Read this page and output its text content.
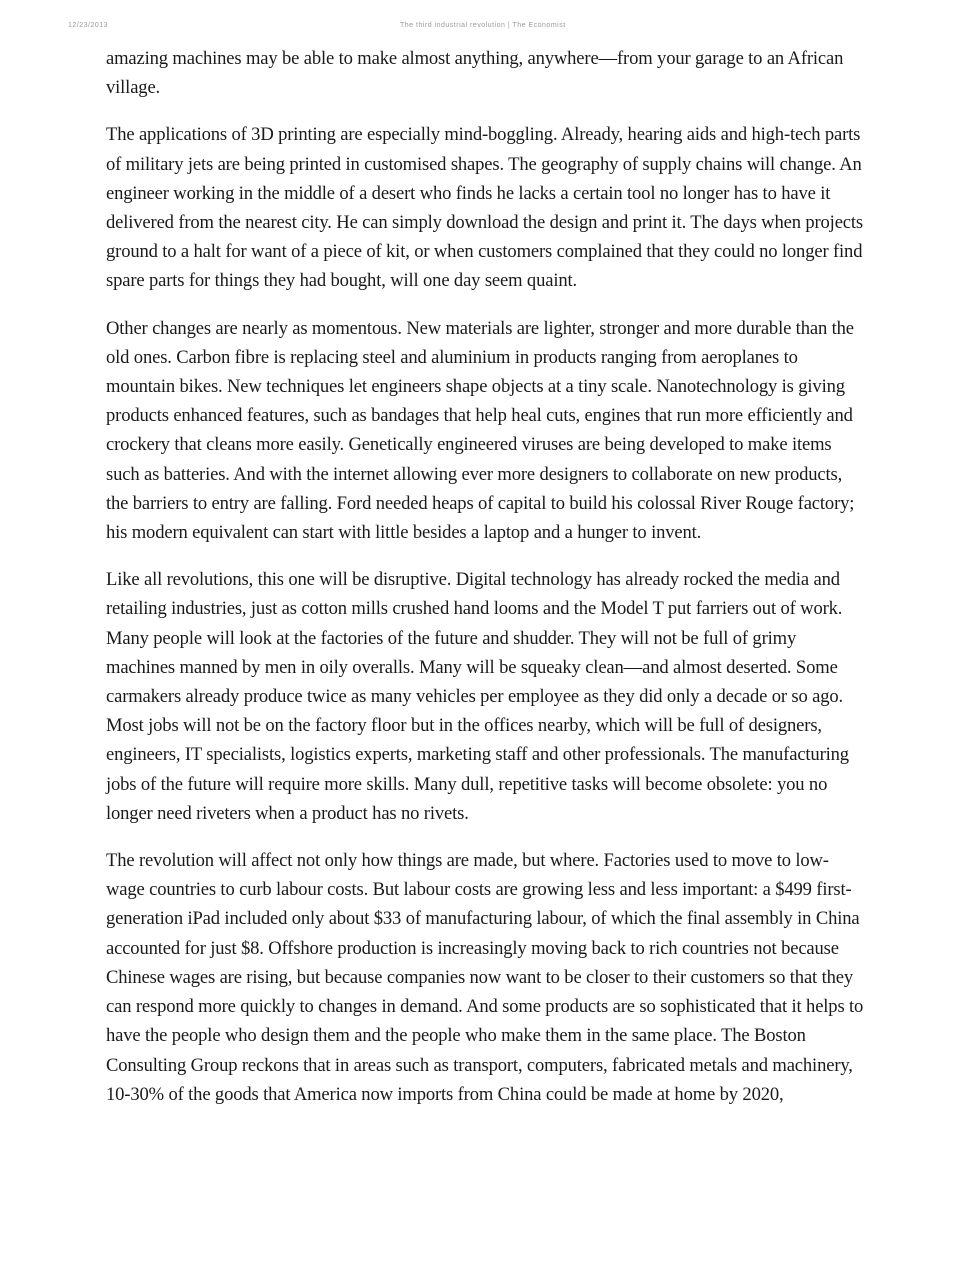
12/23/2013	The third industrial revolution | The Economist

amazing machines may be able to make almost anything, anywhere—from your garage to an African village.

The applications of 3D printing are especially mind-boggling. Already, hearing aids and high-tech parts of military jets are being printed in customised shapes. The geography of supply chains will change. An engineer working in the middle of a desert who finds he lacks a certain tool no longer has to have it delivered from the nearest city. He can simply download the design and print it. The days when projects ground to a halt for want of a piece of kit, or when customers complained that they could no longer find spare parts for things they had bought, will one day seem quaint.

Other changes are nearly as momentous. New materials are lighter, stronger and more durable than the old ones. Carbon fibre is replacing steel and aluminium in products ranging from aeroplanes to mountain bikes. New techniques let engineers shape objects at a tiny scale. Nanotechnology is giving products enhanced features, such as bandages that help heal cuts, engines that run more efficiently and crockery that cleans more easily. Genetically engineered viruses are being developed to make items such as batteries. And with the internet allowing ever more designers to collaborate on new products, the barriers to entry are falling. Ford needed heaps of capital to build his colossal River Rouge factory; his modern equivalent can start with little besides a laptop and a hunger to invent.

Like all revolutions, this one will be disruptive. Digital technology has already rocked the media and retailing industries, just as cotton mills crushed hand looms and the Model T put farriers out of work. Many people will look at the factories of the future and shudder. They will not be full of grimy machines manned by men in oily overalls. Many will be squeaky clean—and almost deserted. Some carmakers already produce twice as many vehicles per employee as they did only a decade or so ago. Most jobs will not be on the factory floor but in the offices nearby, which will be full of designers, engineers, IT specialists, logistics experts, marketing staff and other professionals. The manufacturing jobs of the future will require more skills. Many dull, repetitive tasks will become obsolete: you no longer need riveters when a product has no rivets.

The revolution will affect not only how things are made, but where. Factories used to move to low-wage countries to curb labour costs. But labour costs are growing less and less important: a $499 first-generation iPad included only about $33 of manufacturing labour, of which the final assembly in China accounted for just $8. Offshore production is increasingly moving back to rich countries not because Chinese wages are rising, but because companies now want to be closer to their customers so that they can respond more quickly to changes in demand. And some products are so sophisticated that it helps to have the people who design them and the people who make them in the same place. The Boston Consulting Group reckons that in areas such as transport, computers, fabricated metals and machinery, 10-30% of the goods that America now imports from China could be made at home by 2020,
